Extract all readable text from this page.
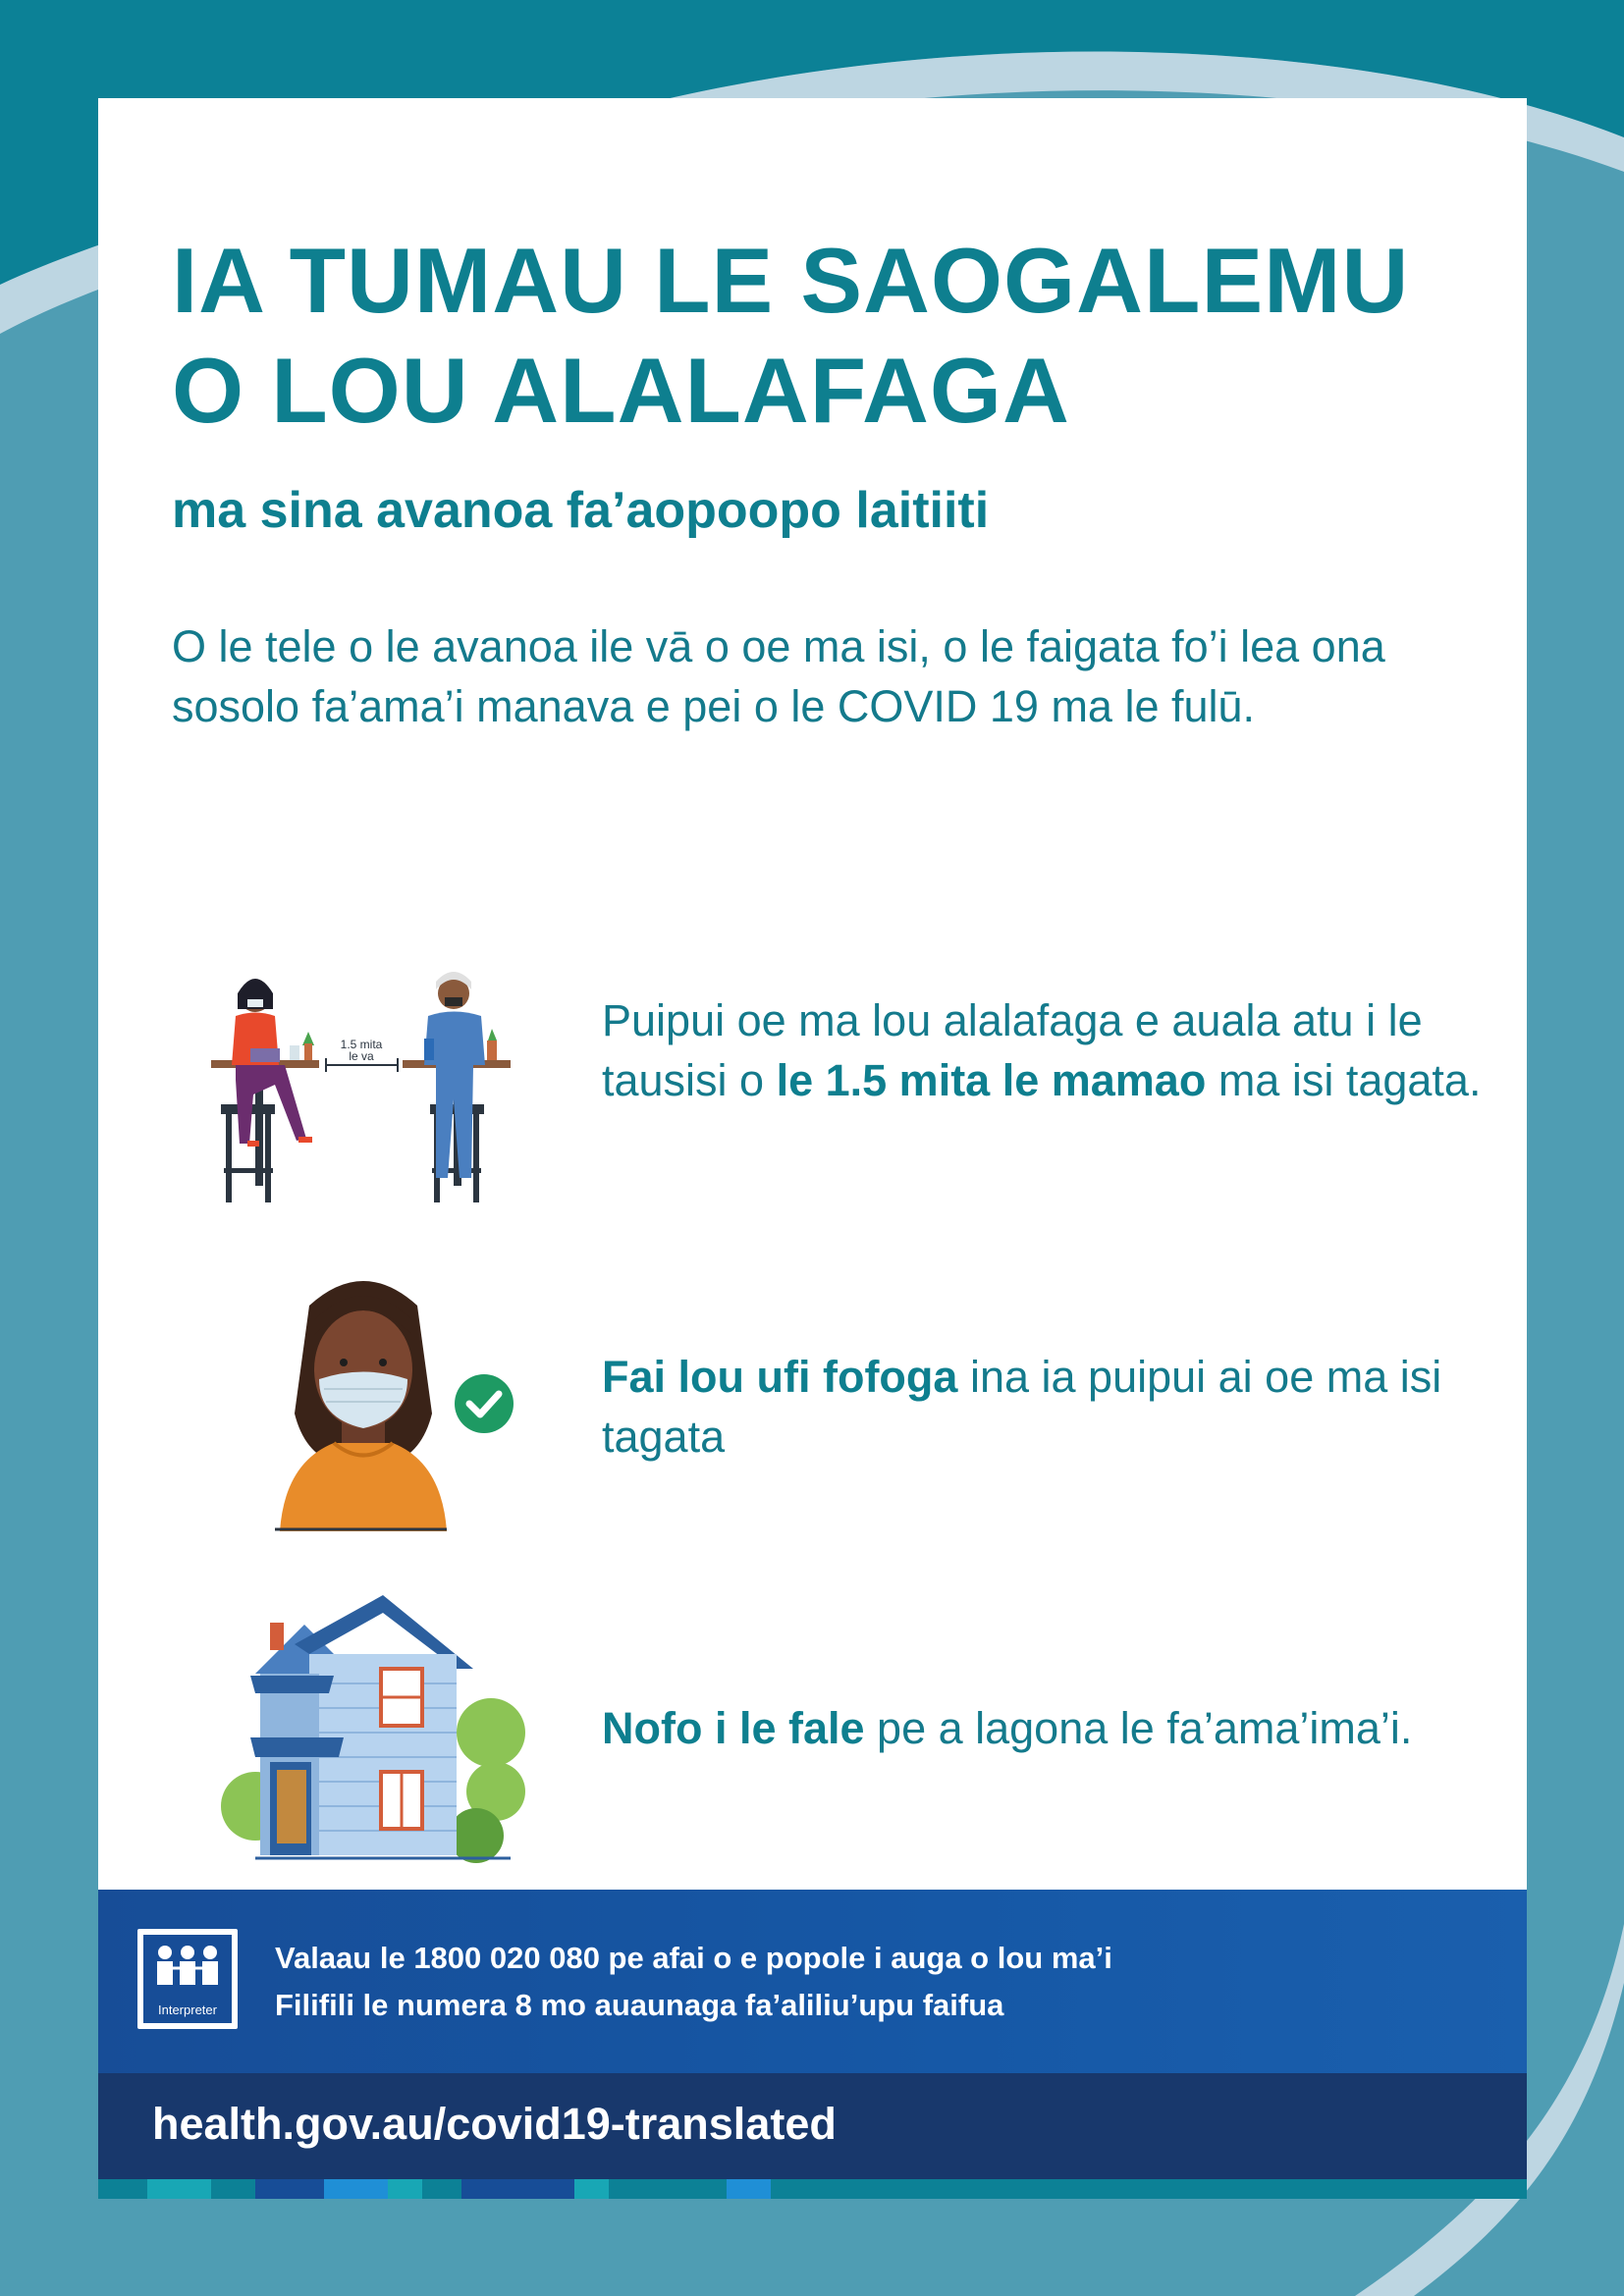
IA TUMAU LE SAOGALEMU
O LOU ALALAFAGA
ma sina avanoa fa’aopoopo laitiiti

O le tele o le avanoa ile vā o oe ma isi, o le faigata fo’i lea ona sosolo fa’ama’i manava e pei o le COVID 19 ma le fulū.

1.5 mita
le va

Puipui oe ma lou alalafaga e auala atu i le tausisi o le 1.5 mita le mamao ma isi tagata.

Fai lou ufi fofoga ina ia puipui ai oe ma isi tagata

Nofo i le fale pe a lagona le fa’ama’ima’i.

Interpreter

Valaau le 1800 020 080 pe afai o e popole i auga o lou ma’i
Filifili le numera 8 mo auaunaga fa’aliliu’upu faifua

health.gov.au/covid19-translated
